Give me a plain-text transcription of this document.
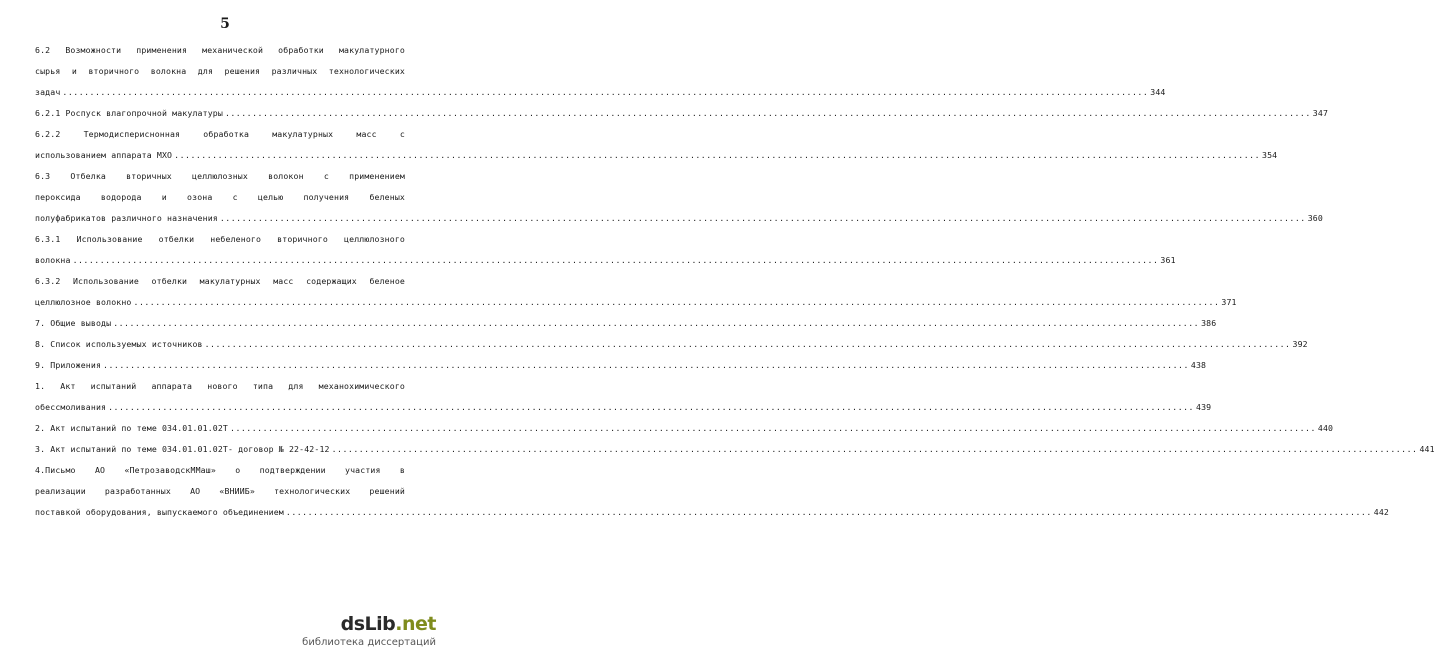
5
6.2 Возможности применения механической обработки макулатурного
сырья и вторичного волокна для решения различных технологических
задач ........................................................................................................................................................................................................ 344
6.2.1 Роспуск влагопрочной макулатуры ........................................................................................................................................................................................................ 347
6.2.2 Термодиспериснонная обработка макулатурных масс с
использованием аппарата МХО ........................................................................................................................................................................................................ 354
6.3 Отбелка вторичных целлюлозных волокон с применением
пероксида водорода и озона с целью получения беленых
полуфабрикатов различного назначения ........................................................................................................................................................................................................ 360
6.3.1 Использование отбелки небеленого вторичного целлюлозного
волокна ........................................................................................................................................................................................................ 361
6.3.2 Использование отбелки макулатурных масс содержащих беленое
целлюлозное волокно ........................................................................................................................................................................................................ 371
7. Общие выводы ........................................................................................................................................................................................................ 386
8. Список используемых источников ........................................................................................................................................................................................................ 392
9. Приложения ........................................................................................................................................................................................................ 438
1. Акт испытаний аппарата нового типа для механохимического
обессмоливания ........................................................................................................................................................................................................ 439
2. Акт испытаний по теме 034.01.01.02Т ........................................................................................................................................................................................................ 440
3. Акт испытаний по теме 034.01.01.02Т- договор № 22-42-12 ........................................................................................................................................................................................................ 441
4.Письмо АО «ПетрозаводскММаш» о подтверждении участия в
реализации разработанных АО «ВНИИБ» технологических решений
поставкой оборудования, выпускаемого объединением ........................................................................................................................................................................................................ 442
dsLib.net
библиотека диссертаций
